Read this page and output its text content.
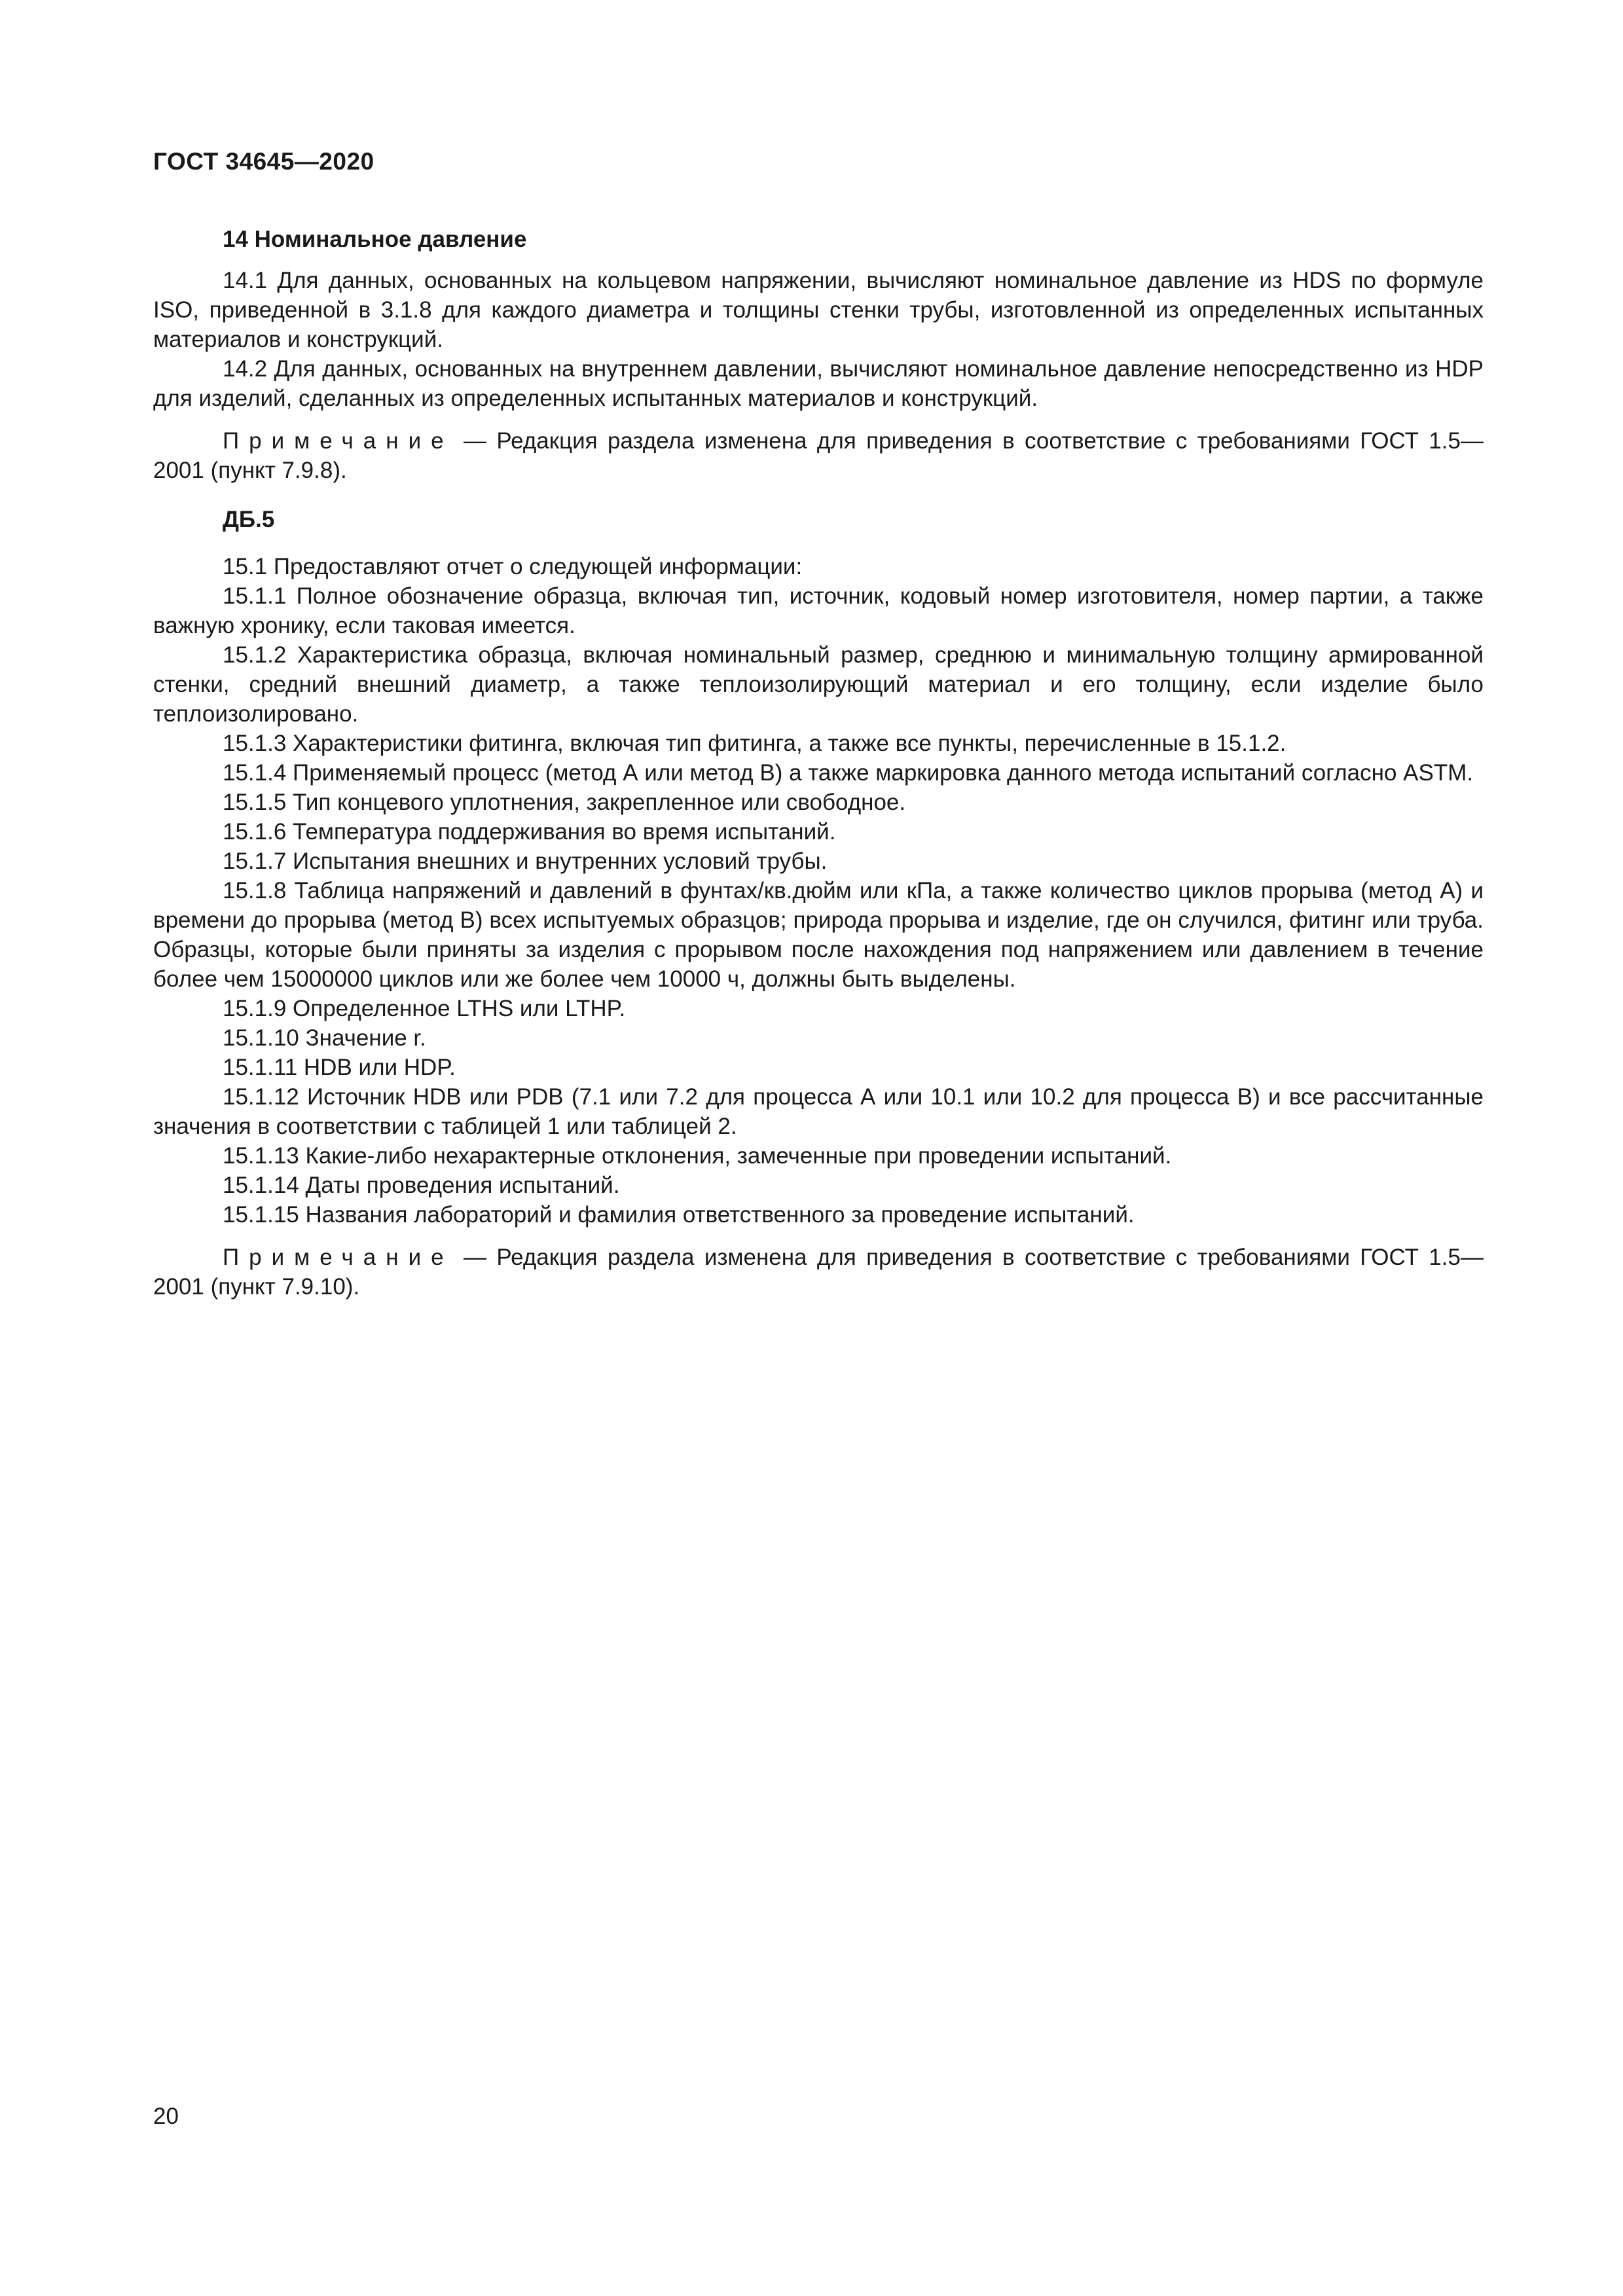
ГОСТ 34645—2020

14 Номинальное давление

14.1 Для данных, основанных на кольцевом напряжении, вычисляют номинальное давление из HDS по формуле ISO, приведенной в 3.1.8 для каждого диаметра и толщины стенки трубы, изготовленной из определенных испытанных материалов и конструкций.

14.2 Для данных, основанных на внутреннем давлении, вычисляют номинальное давление непосредственно из HDP для изделий, сделанных из определенных испытанных материалов и конструкций.

Примечание — Редакция раздела изменена для приведения в соответствие с требованиями ГОСТ 1.5—2001 (пункт 7.9.8).

ДБ.5

15.1 Предоставляют отчет о следующей информации:

15.1.1 Полное обозначение образца, включая тип, источник, кодовый номер изготовителя, номер партии, а также важную хронику, если таковая имеется.

15.1.2 Характеристика образца, включая номинальный размер, среднюю и минимальную толщину армированной стенки, средний внешний диаметр, а также теплоизолирующий материал и его толщину, если изделие было теплоизолировано.

15.1.3 Характеристики фитинга, включая тип фитинга, а также все пункты, перечисленные в 15.1.2.

15.1.4 Применяемый процесс (метод А или метод В) а также маркировка данного метода испытаний согласно ASTM.

15.1.5 Тип концевого уплотнения, закрепленное или свободное.

15.1.6 Температура поддерживания во время испытаний.

15.1.7 Испытания внешних и внутренних условий трубы.

15.1.8 Таблица напряжений и давлений в фунтах/кв.дюйм или кПа, а также количество циклов прорыва (метод А) и времени до прорыва (метод В) всех испытуемых образцов; природа прорыва и изделие, где он случился, фитинг или труба. Образцы, которые были приняты за изделия с прорывом после нахождения под напряжением или давлением в течение более чем 15000000 циклов или же более чем 10000 ч, должны быть выделены.

15.1.9 Определенное LTHS или LTHP.

15.1.10 Значение r.

15.1.11 HDB или HDP.

15.1.12 Источник HDB или PDB (7.1 или 7.2 для процесса А или 10.1 или 10.2 для процесса В) и все рассчитанные значения в соответствии с таблицей 1 или таблицей 2.

15.1.13 Какие-либо нехарактерные отклонения, замеченные при проведении испытаний.

15.1.14 Даты проведения испытаний.

15.1.15 Названия лабораторий и фамилия ответственного за проведение испытаний.

Примечание — Редакция раздела изменена для приведения в соответствие с требованиями ГОСТ 1.5—2001 (пункт 7.9.10).

20
